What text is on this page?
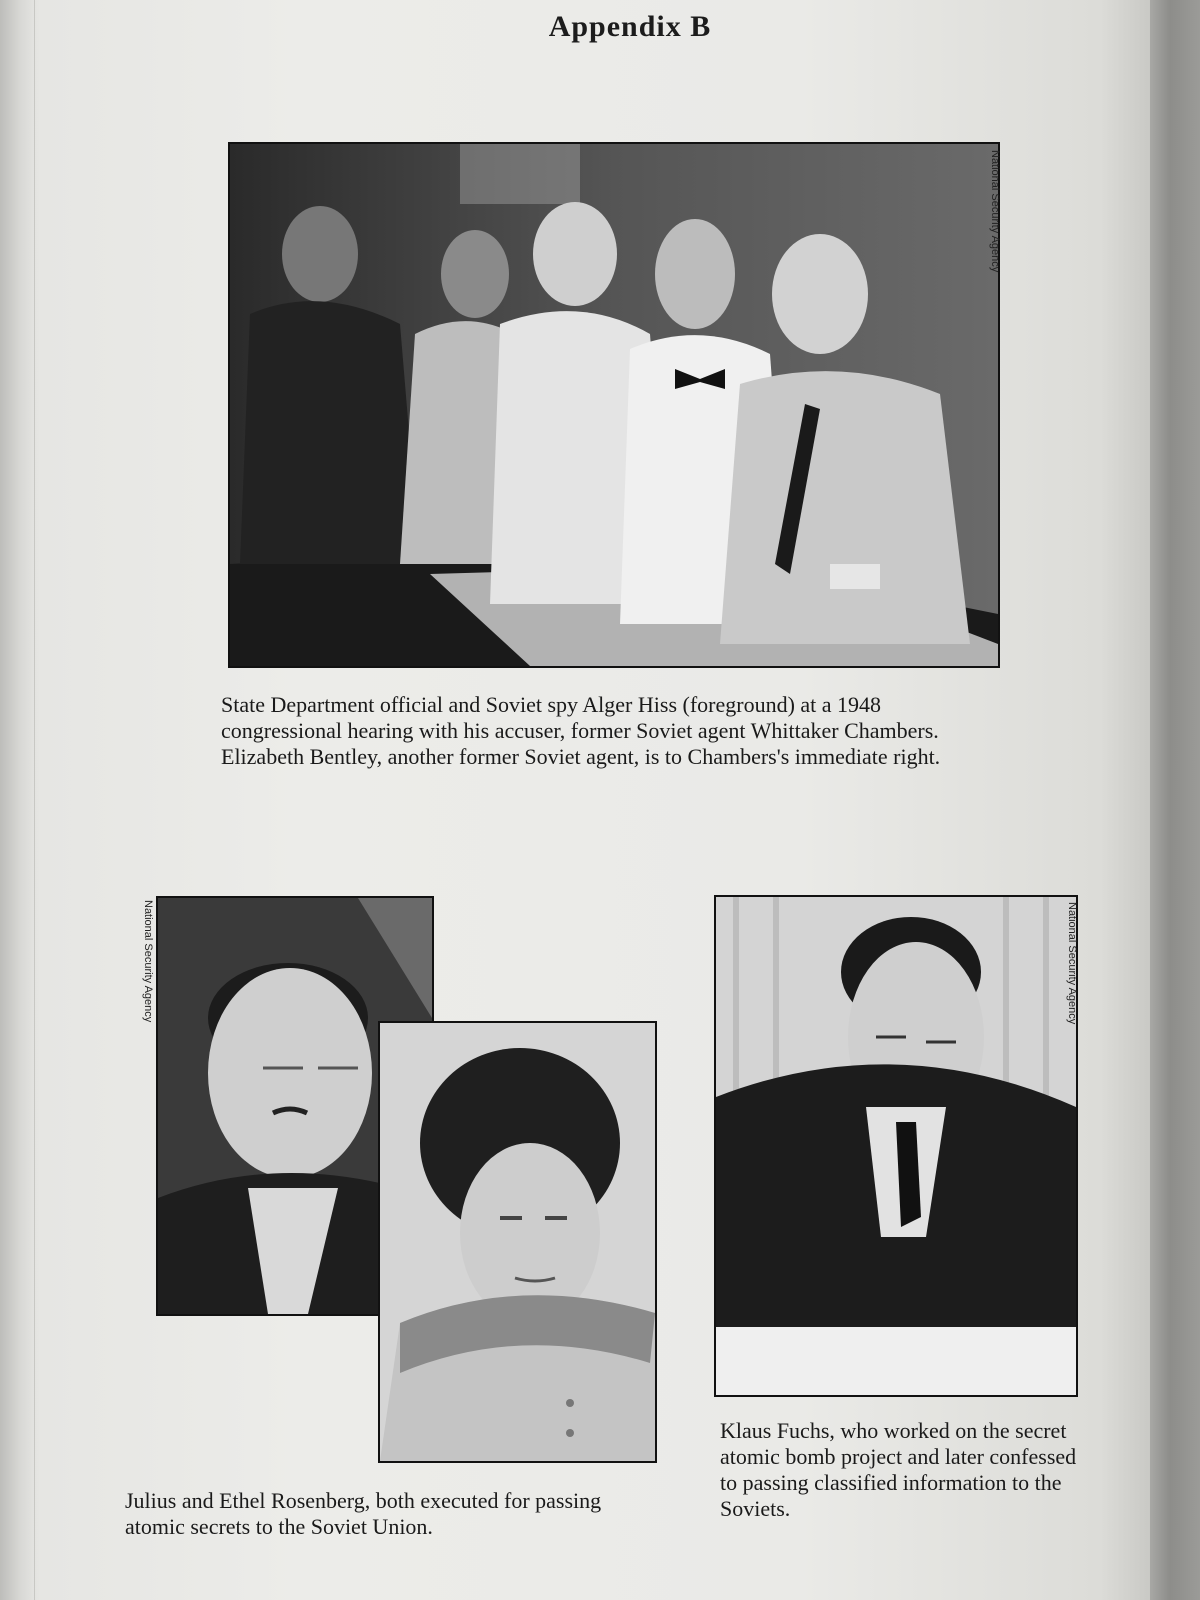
Appendix B
National Security Agency
State Department official and Soviet spy Alger Hiss (foreground) at a 1948 congressional hearing with his accuser, former Soviet agent Whittaker Chambers. Elizabeth Bentley, another former Soviet agent, is to Chambers's immediate right.
National Security Agency	National Security Agency
Julius and Ethel Rosenberg, both executed for passing atomic secrets to the Soviet Union.
Klaus Fuchs, who worked on the secret atomic bomb project and later confessed to passing classified information to the Soviets.
